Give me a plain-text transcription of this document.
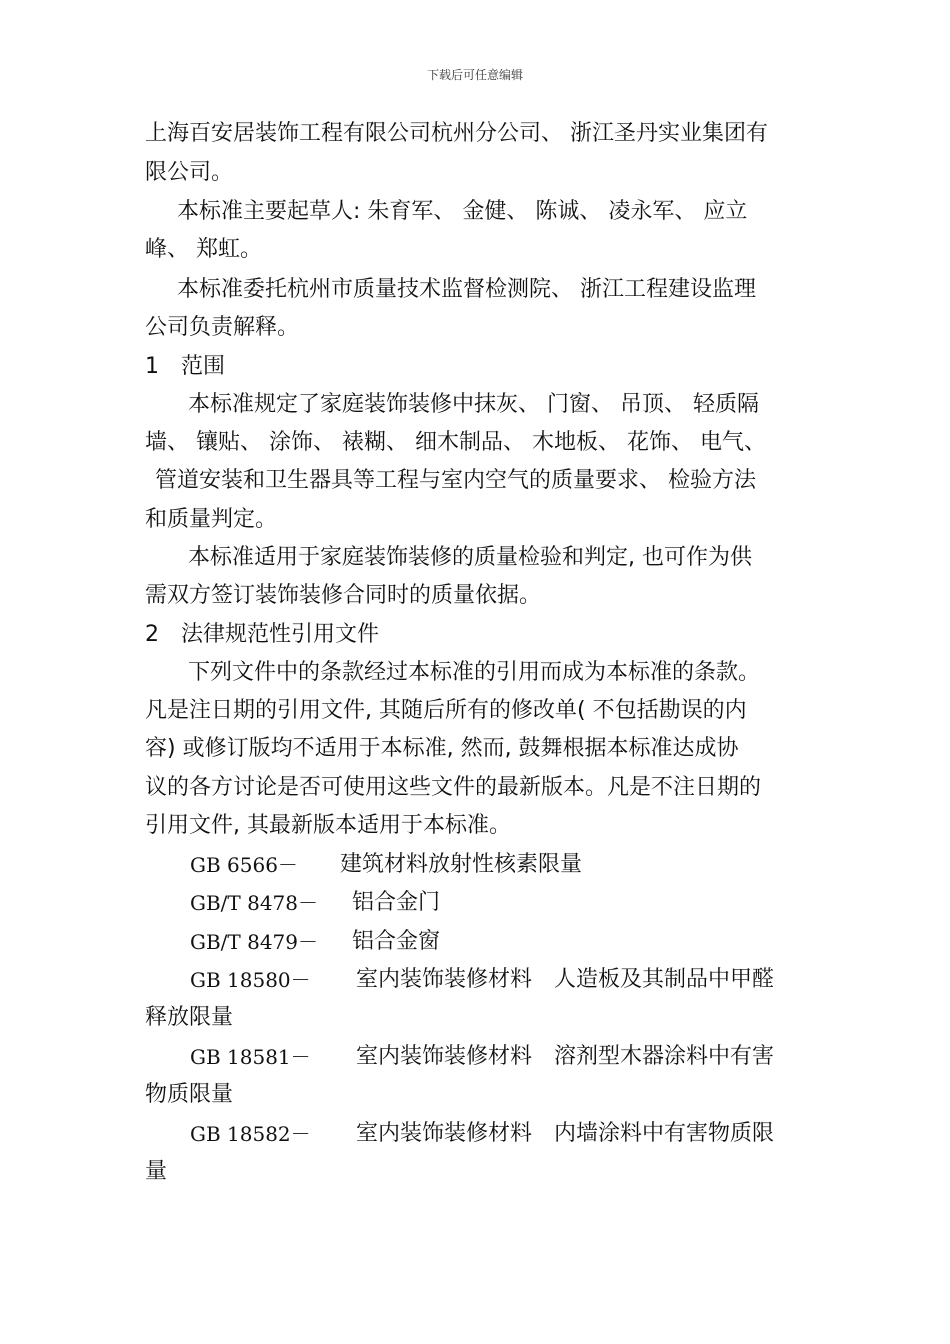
下载后可任意编辑
上海百安居装饰工程有限公司杭州分公司、 浙江圣丹实业集团有
限公司。
本标准主要起草人: 朱育军、 金健、 陈诚、 凌永军、 应立
峰、 郑虹。
本标准委托杭州市质量技术监督检测院、 浙江工程建设监理
公司负责解释。
1　范围
本标准规定了家庭装饰装修中抹灰、 门窗、 吊顶、 轻质隔
墙、 镶贴、 涂饰、 裱糊、 细木制品、 木地板、 花饰、 电气、
管道安装和卫生器具等工程与室内空气的质量要求、 检验方法
和质量判定。
本标准适用于家庭装饰装修的质量检验和判定, 也可作为供
需双方签订装饰装修合同时的质量依据。
2　法律规范性引用文件
下列文件中的条款经过本标准的引用而成为本标准的条款。
凡是注日期的引用文件, 其随后所有的修改单( 不包括勘误的内
容) 或修订版均不适用于本标准, 然而, 鼓舞根据本标准达成协
议的各方讨论是否可使用这些文件的最新版本。凡是不注日期的
引用文件, 其最新版本适用于本标准。
GB 6566－ 建筑材料放射性核素限量
GB/T 8478－ 铝合金门
GB/T 8479－ 铝合金窗
GB 18580－ 室内装饰装修材料　人造板及其制品中甲醛
释放限量
GB 18581－ 室内装饰装修材料　溶剂型木器涂料中有害
物质限量
GB 18582－ 室内装饰装修材料　内墙涂料中有害物质限
量
